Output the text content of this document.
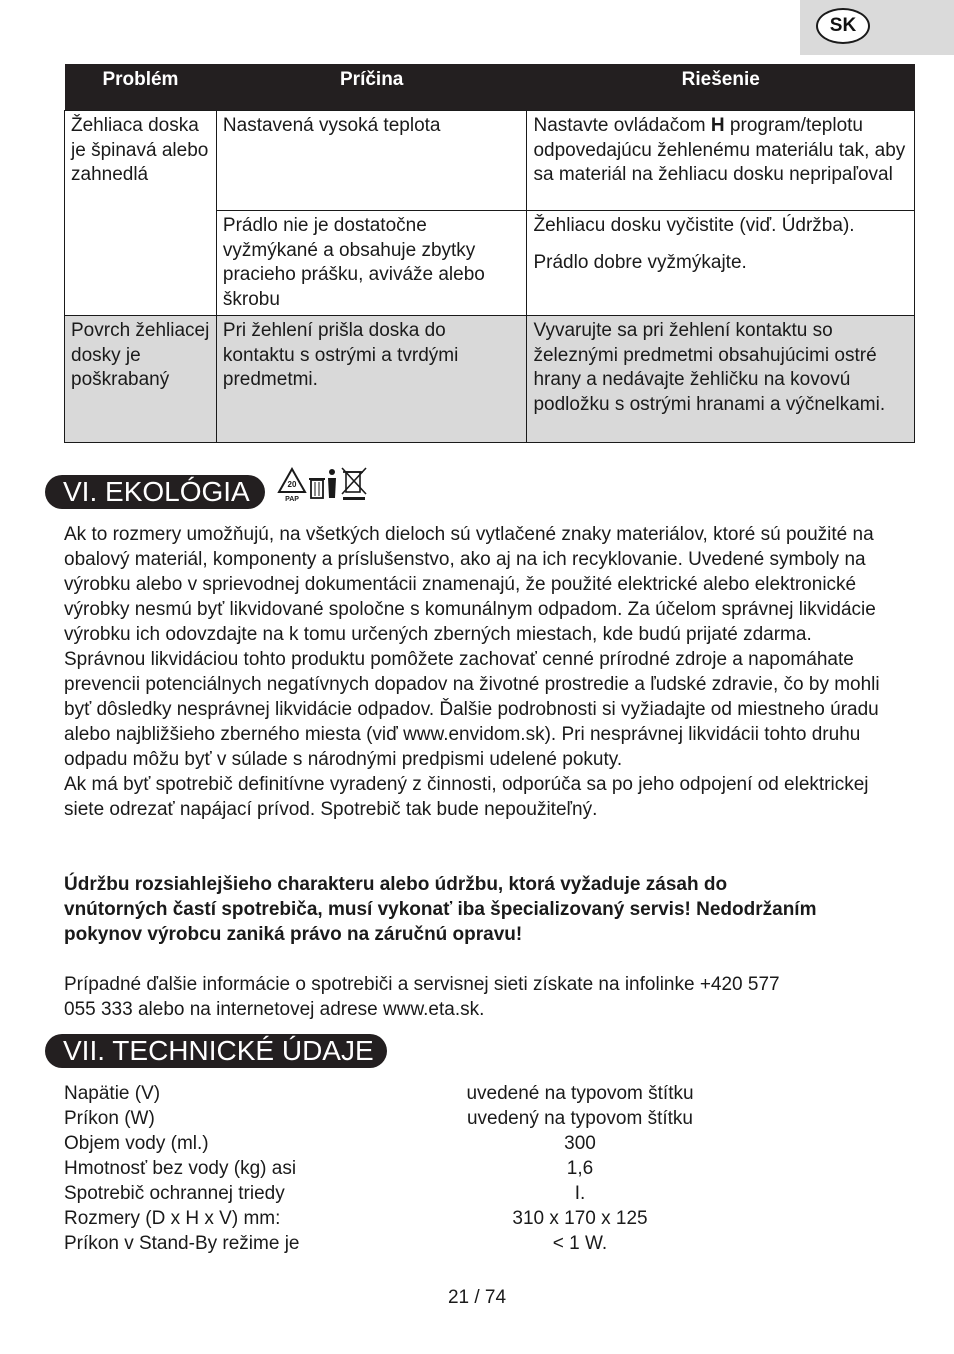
SK
Problém	Príčina	Riešenie
Žehliaca doska je špinavá alebo zahnedlá	Nastavená vysoká teplota	Nastavte ovládačom H program/teplotu odpovedajúcu žehlenému materiálu tak, aby sa materiál na žehliacu dosku nepripaľoval
	Prádlo nie je dostatočne vyžmýkané a obsahuje zbytky pracieho prášku, aviváže alebo škrobu	Žehliacu dosku vyčistite (viď. Údržba).
Prádlo dobre vyžmýkajte.

Povrch žehliacej dosky je poškrabaný	Pri žehlení prišla doska do kontaktu s ostrými a tvrdými predmetmi.	Vyvarujte sa pri žehlení kontaktu so železnými predmetmi obsahujúcimi ostré hrany a nedávajte žehličku na kovovú podložku s ostrými hranami a výčnelkami.
VI. EKOLÓGIA	20
PAP
Ak to rozmery umožňujú, na všetkých dieloch sú vytlačené znaky materiálov, ktoré sú použité na obalový materiál, komponenty a príslušenstvo, ako aj na ich recyklovanie. Uvedené symboly na výrobku alebo v sprievodnej dokumentácii znamenajú, že použité elektrické alebo elektronické výrobky nesmú byť likvidované spoločne s komunálnym odpadom. Za účelom správnej likvidácie výrobku ich odovzdajte na k tomu určených zberných miestach, kde budú prijaté zdarma. Správnou likvidáciou tohto produktu pomôžete zachovať cenné prírodné zdroje a napomáhate prevencii potenciálnych negatívnych dopadov na životné prostredie a ľudské zdravie, čo by mohli byť dôsledky nesprávnej likvidácie odpadov. Ďalšie podrobnosti si vyžiadajte od miestneho úradu alebo najbližšieho zberného miesta (viď www.envidom.sk). Pri nesprávnej likvidácii tohto druhu odpadu môžu byť v súlade s národnými predpismi udelené pokuty.
Ak má byť spotrebič definitívne vyradený z činnosti, odporúča sa po jeho odpojení od elektrickej siete odrezať napájací prívod. Spotrebič tak bude nepoužiteľný.
Údržbu rozsiahlejšieho charakteru alebo údržbu, ktorá vyžaduje zásah do vnútorných častí spotrebiča, musí vykonať iba špecializovaný servis! Nedodržaním pokynov výrobcu zaniká právo na záručnú opravu!
Prípadné ďalšie informácie o spotrebiči a servisnej sieti získate na infolinke +420 577 055 333 alebo na internetovej adrese www.eta.sk.
VII. TECHNICKÉ ÚDAJE
Napätie (V)	uvedené na typovom štítku
Príkon (W)	uvedený na typovom štítku
Objem vody (ml.)	300
Hmotnosť bez vody (kg) asi	1,6
Spotrebič ochrannej triedy	I.
Rozmery (D x H x V) mm:	310 x 170 x 125
Príkon v Stand-By režime je	< 1 W.
21 / 74
